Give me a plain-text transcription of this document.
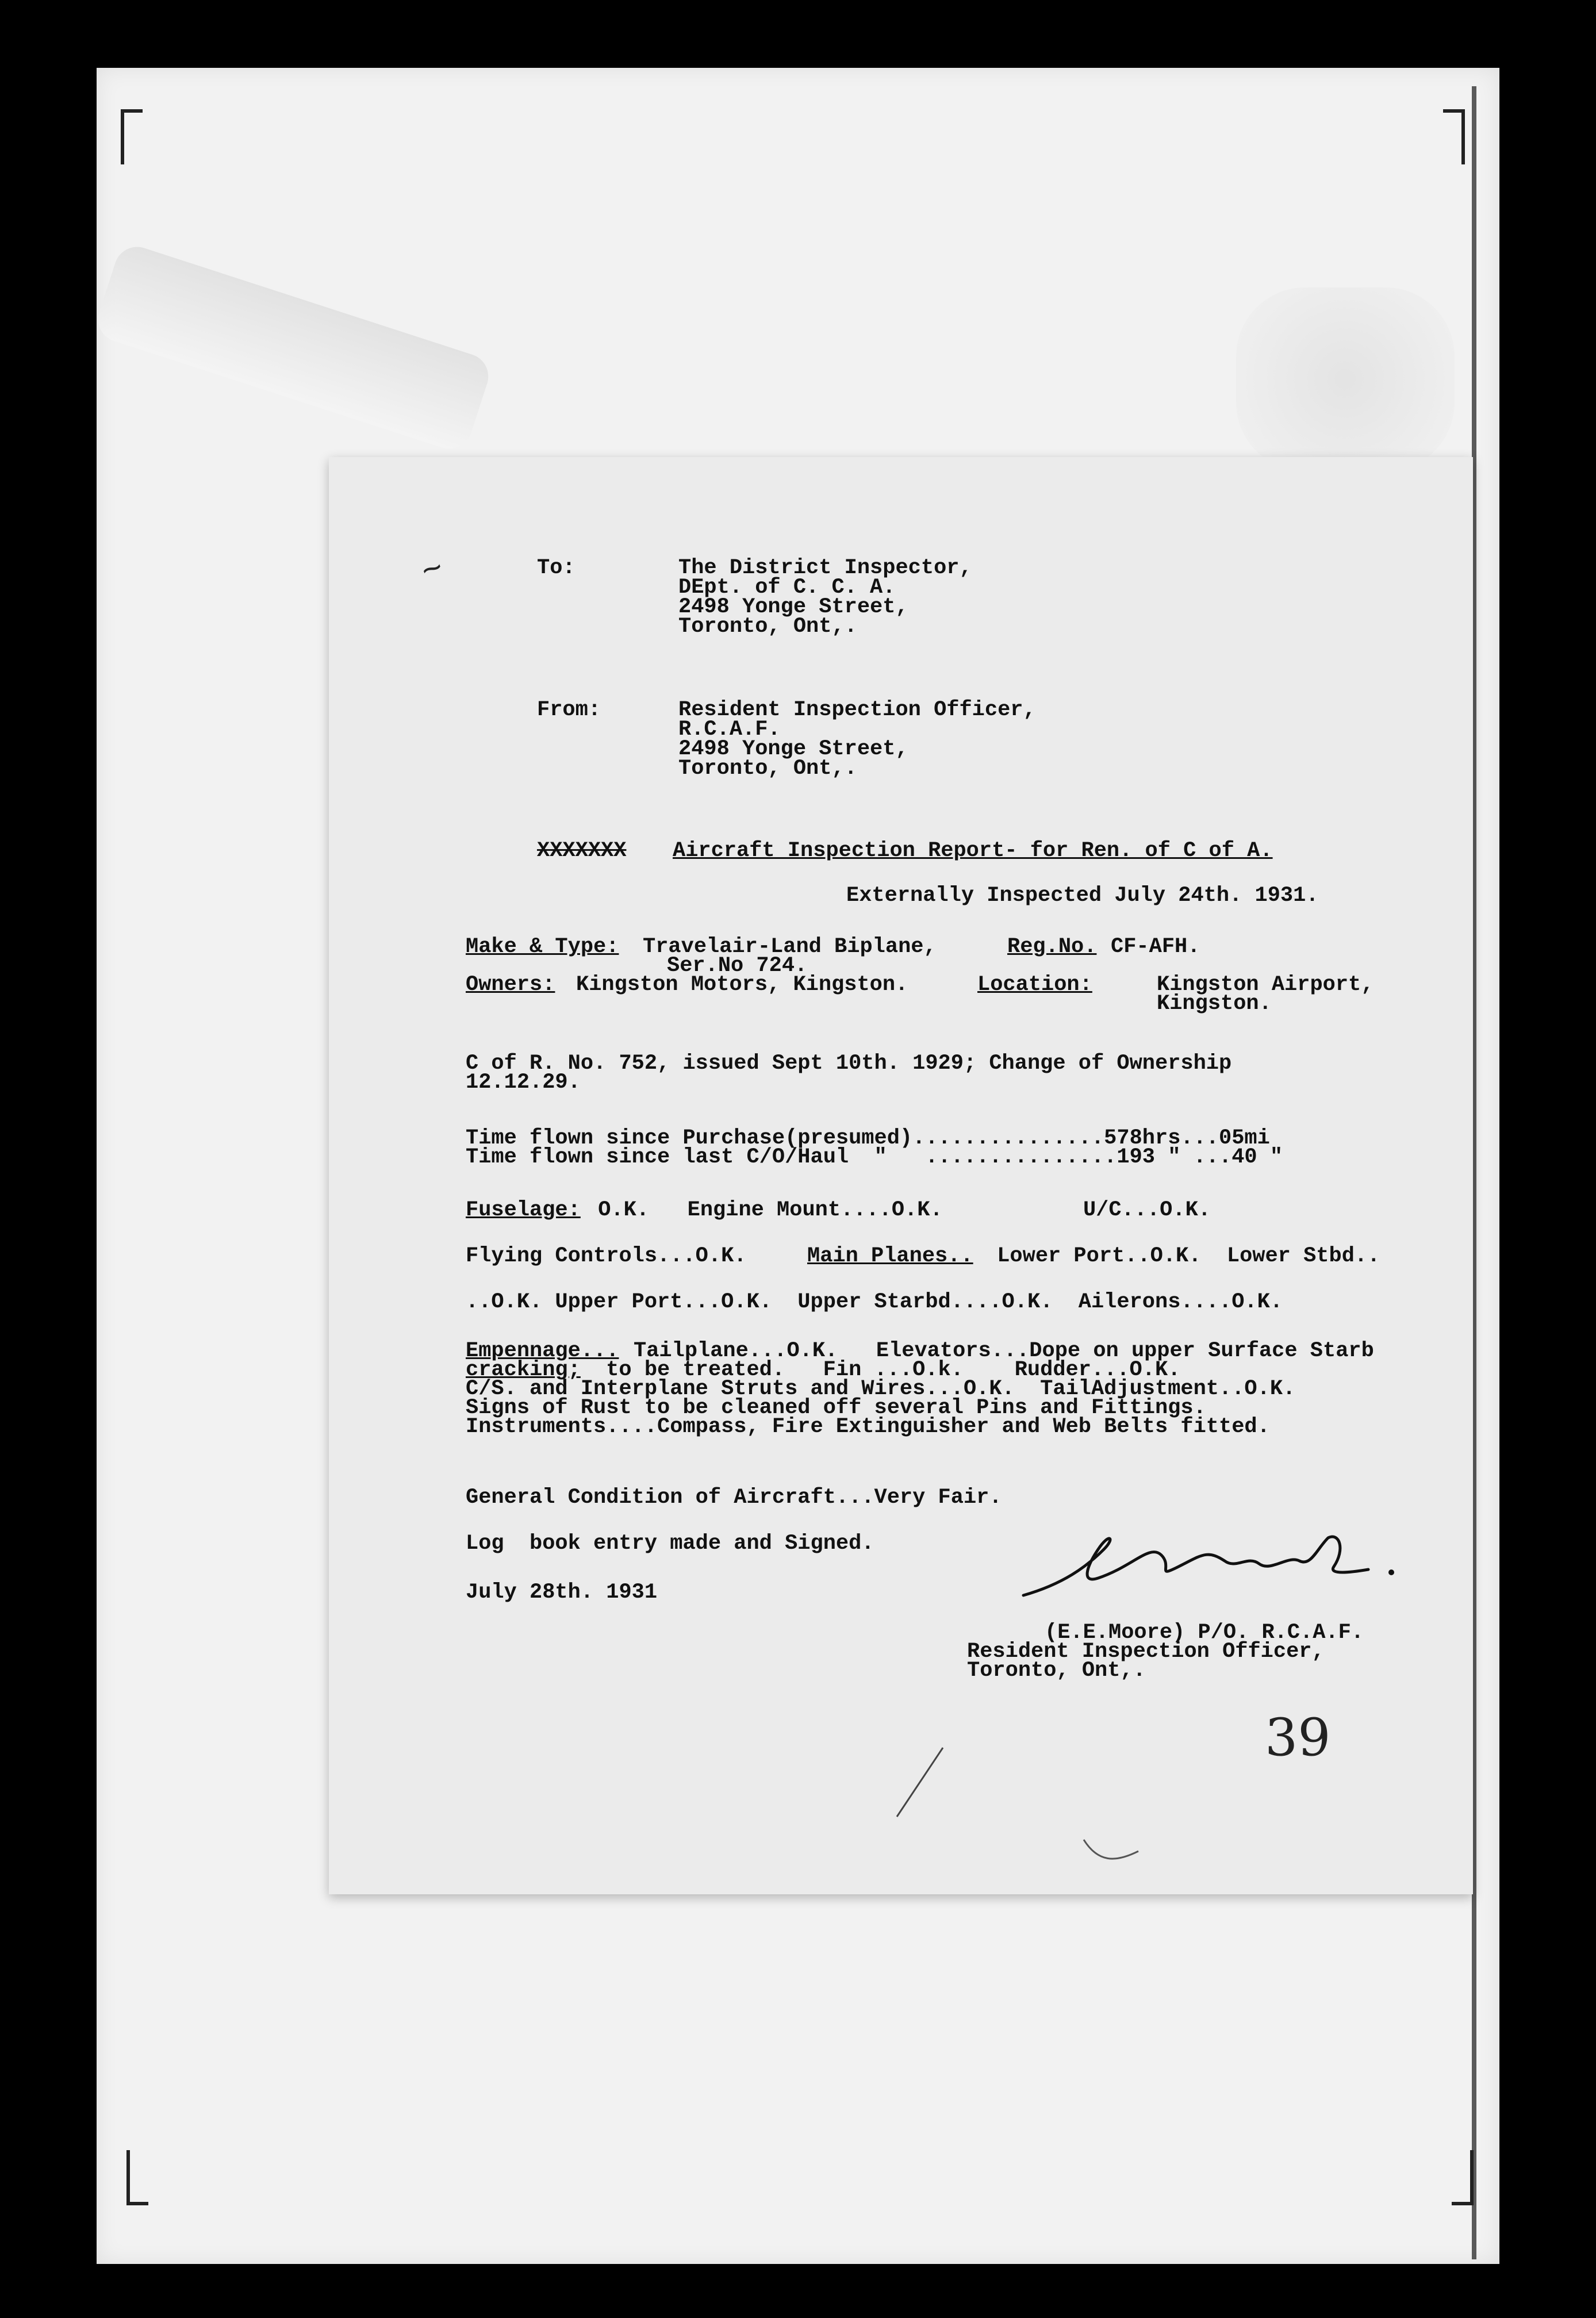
To:	The District Inspector,
DEpt. of C. C. A.
2498 Yonge Street,
Toronto, Ont,.
From:	Resident Inspection Officer,
R.C.A.F.
2498 Yonge Street,
Toronto, Ont,.
XXXXXXX Aircraft Inspection Report- for Ren. of C of A.
Externally Inspected July 24th. 1931.
Make & Type: Travelair-Land Biplane,	Reg.No. CF-AFH.
Ser.No 724.
Owners: Kingston Motors, Kingston.	Location:	Kingston Airport,
Kingston.
C of R. No. 752, issued Sept 10th. 1929; Change of Ownership
12.12.29.
Time flown since Purchase(presumed)...............578hrs...05mi
Time flown since last C/O/Haul  "   ...............193 " ...40 "
Fuselage: O.K.   Engine Mount....O.K.           U/C...O.K.
Flying Controls...O.K. Main Planes.. Lower Port..O.K.  Lower Stbd..
..O.K. Upper Port...O.K.  Upper Starbd....O.K.  Ailerons....O.K.
Empennage... Tailplane...O.K.   Elevators...Dope on upper Surface Starb
cracking; to be treated.   Fin ...O.k.    Rudder...O.K.
C/S. and Interplane Struts and Wires...O.K.  TailAdjustment..O.K.
Signs of Rust to be cleaned off several Pins and Fittings.
Instruments....Compass, Fire Extinguisher and Web Belts fitted.
General Condition of Aircraft...Very Fair.
Log  book entry made and Signed.
July 28th. 1931
(E.E.Moore) P/O. R.C.A.F.
Resident Inspection Officer,
Toronto, Ont,.
~
39
